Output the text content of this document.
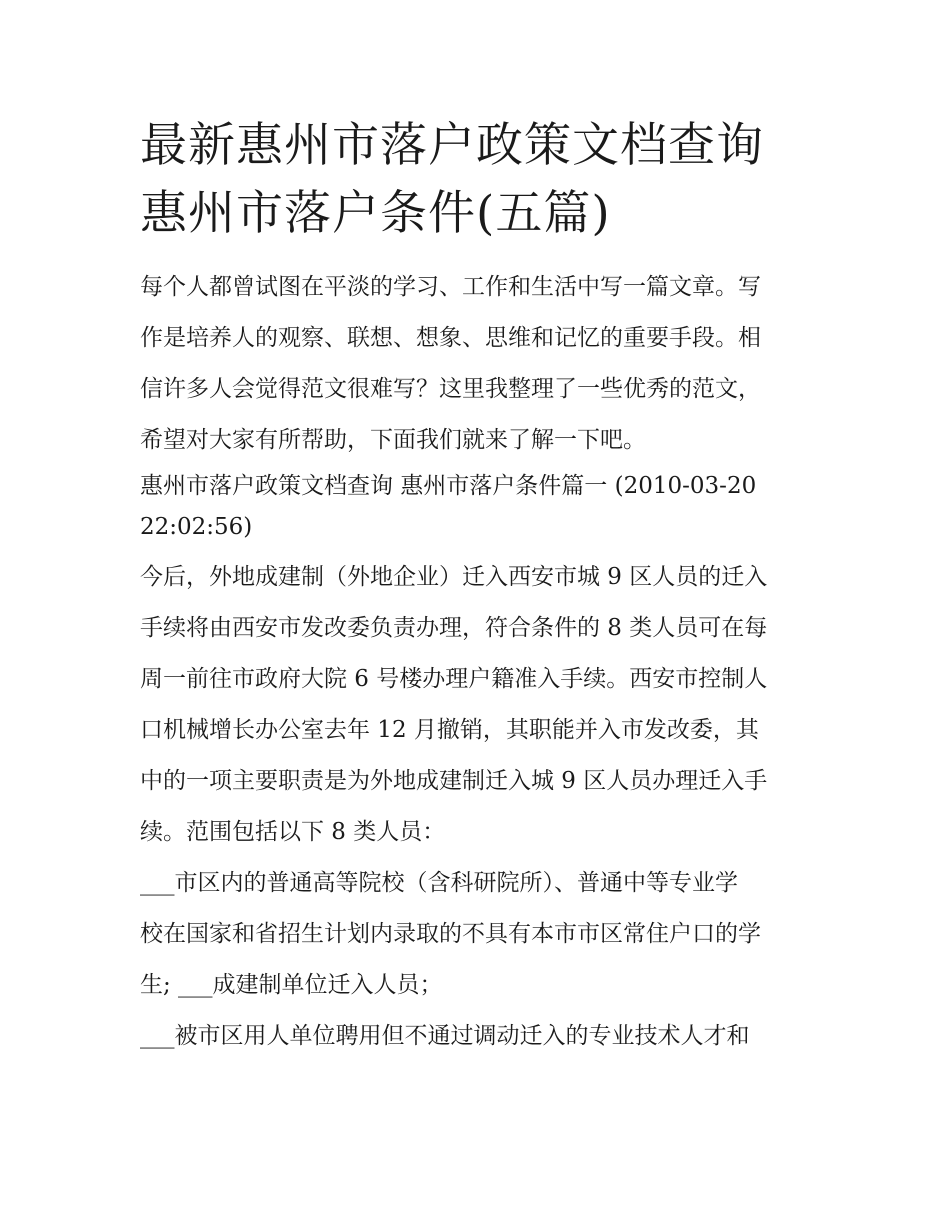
最新惠州市落户政策文档查询
惠州市落户条件(五篇)

每个人都曾试图在平淡的学习、工作和生活中写一篇文章。写
作是培养人的观察、联想、想象、思维和记忆的重要手段。相
信许多人会觉得范文很难写？这里我整理了一些优秀的范文，
希望对大家有所帮助，下面我们就来了解一下吧。

惠州市落户政策文档查询 惠州市落户条件篇一 (2010-03-20
22:02:56)

今后，外地成建制（外地企业）迁入西安市城 9 区人员的迁入
手续将由西安市发改委负责办理，符合条件的 8 类人员可在每
周一前往市政府大院 6 号楼办理户籍准入手续。西安市控制人
口机械增长办公室去年 12 月撤销，其职能并入市发改委，其
中的一项主要职责是为外地成建制迁入城 9 区人员办理迁入手
续。范围包括以下 8 类人员：
___市区内的普通高等院校（含科研院所）、普通中等专业学
校在国家和省招生计划内录取的不具有本市市区常住户口的学
生; ___成建制单位迁入人员；
___被市区用人单位聘用但不通过调动迁入的专业技术人才和
